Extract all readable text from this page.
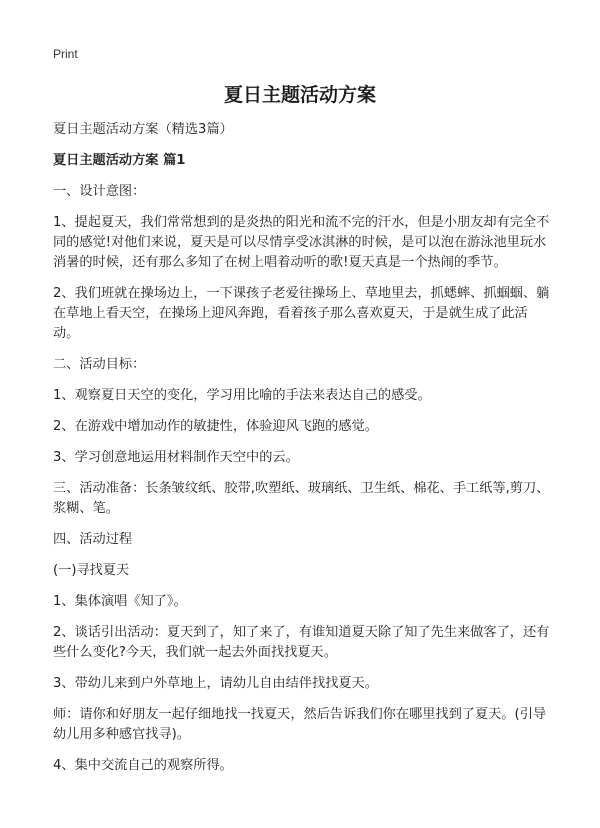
Print
夏日主题活动方案

夏日主题活动方案（精选3篇）

夏日主题活动方案 篇1

一、设计意图：

1、提起夏天，我们常常想到的是炎热的阳光和流不完的汗水，但是小朋友却有完全不同的感觉!对他们来说，夏天是可以尽情享受冰淇淋的时候，是可以泡在游泳池里玩水消暑的时候，还有那么多知了在树上唱着动听的歌!夏天真是一个热闹的季节。

2、我们班就在操场边上，一下课孩子老爱往操场上、草地里去，抓蟋蟀、抓蝈蝈、躺在草地上看天空，在操场上迎风奔跑，看着孩子那么喜欢夏天，于是就生成了此活动。

二、活动目标：

1、观察夏日天空的变化，学习用比喻的手法来表达自己的感受。

2、在游戏中增加动作的敏捷性，体验迎风飞跑的感觉。

3、学习创意地运用材料制作天空中的云。

三、活动准备：长条皱纹纸、胶带,吹塑纸、玻璃纸、卫生纸、棉花、手工纸等,剪刀、浆糊、笔。

四、活动过程

(一)寻找夏天

1、集体演唱《知了》。

2、谈话引出活动：夏天到了，知了来了，有谁知道夏天除了知了先生来做客了，还有些什么变化?今天，我们就一起去外面找找夏天。

3、带幼儿来到户外草地上，请幼儿自由结伴找找夏天。

师：请你和好朋友一起仔细地找一找夏天，然后告诉我们你在哪里找到了夏天。(引导幼儿用多种感官找寻)。

4、集中交流自己的观察所得。
